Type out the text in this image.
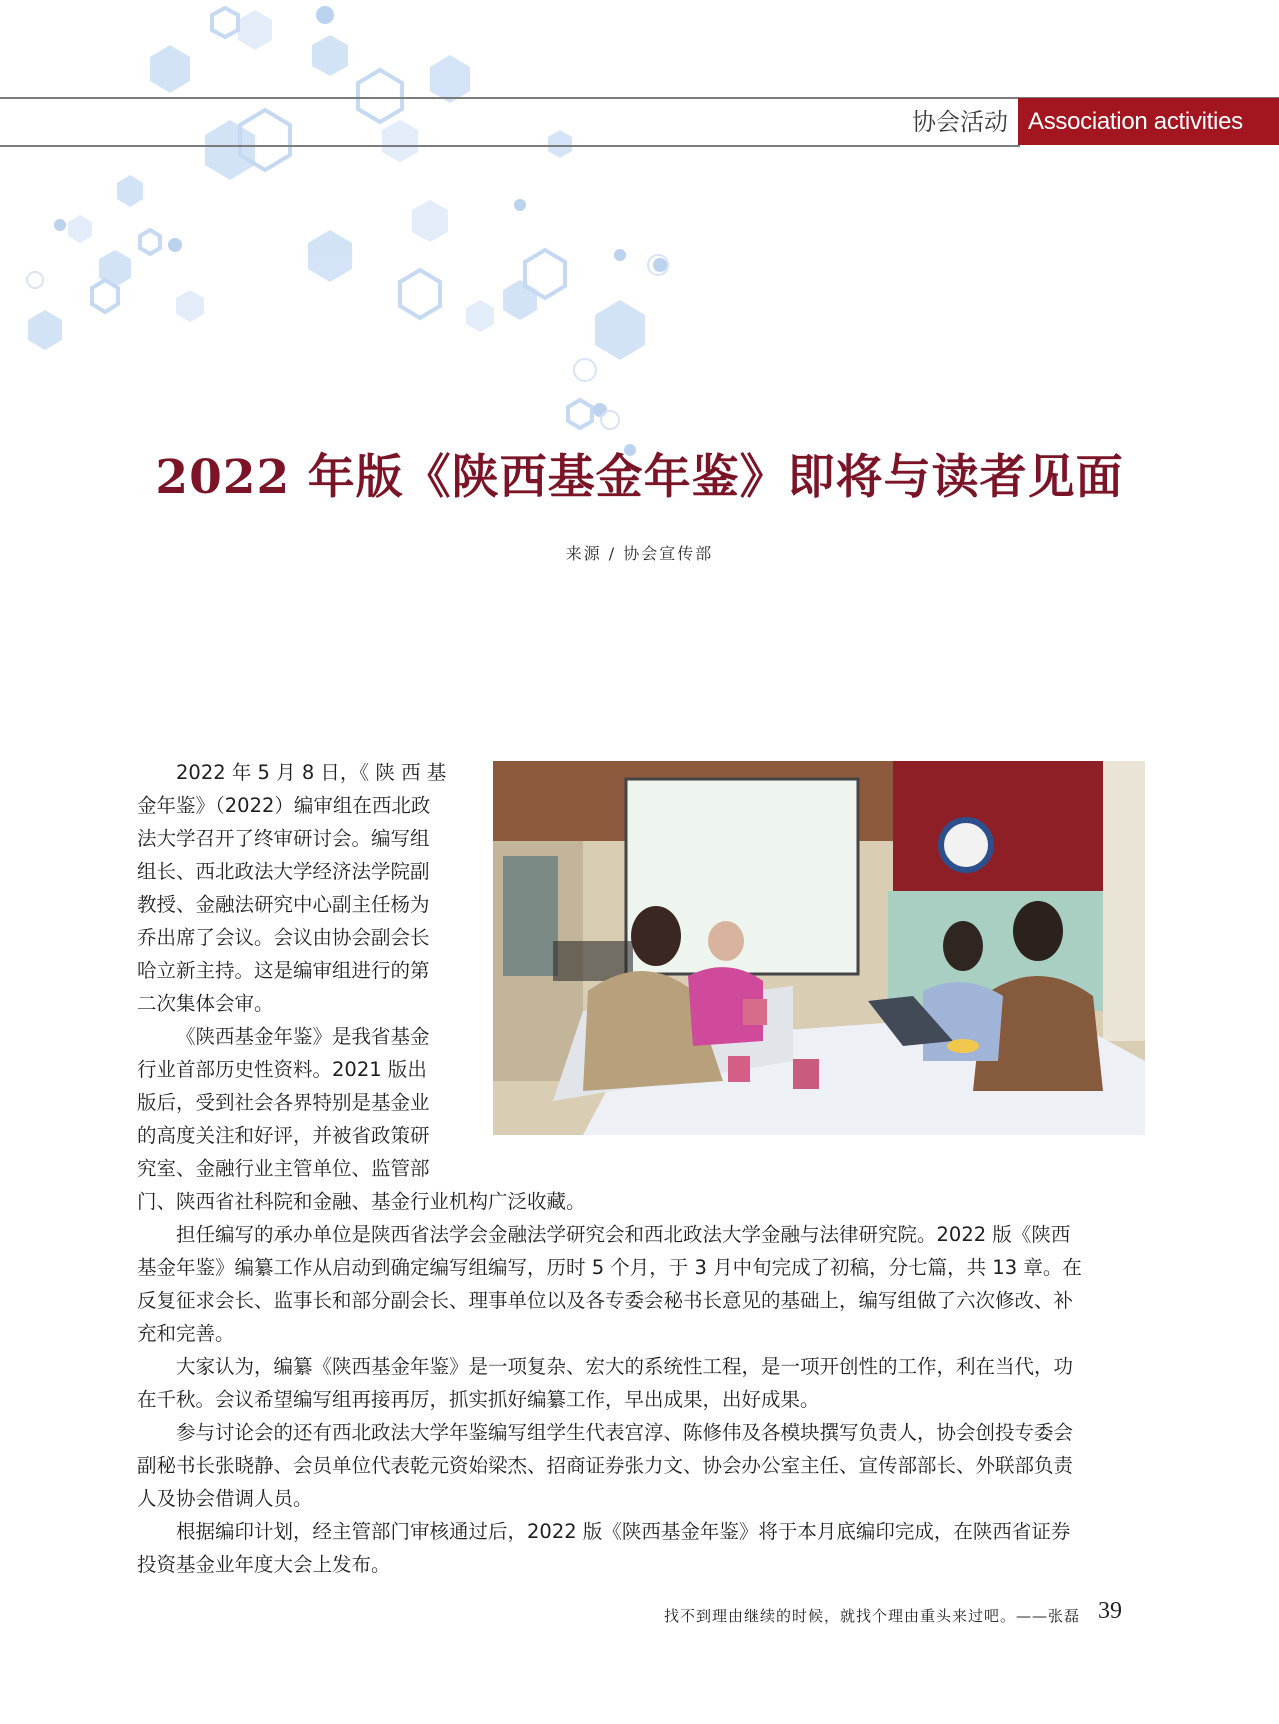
协会活动 Association activities
2022 年版《陕西基金年鉴》即将与读者见面
来源 / 协会宣传部

2022 年 5 月 8 日，《 陕 西 基
金年鉴》（2022）编审组在西北政
法大学召开了终审研讨会。编写组
组长、西北政法大学经济法学院副
教授、金融法研究中心副主任杨为
乔出席了会议。会议由协会副会长
哈立新主持。这是编审组进行的第
二次集体会审。

《陕西基金年鉴》是我省基金
行业首部历史性资料。2021 版出
版后，受到社会各界特别是基金业
的高度关注和好评，并被省政策研
究室、金融行业主管单位、监管部

门、陕西省社科院和金融、基金行业机构广泛收藏。

担任编写的承办单位是陕西省法学会金融法学研究会和西北政法大学金融与法律研究院。2022 版《陕西
基金年鉴》编纂工作从启动到确定编写组编写，历时 5 个月，于 3 月中旬完成了初稿，分七篇，共 13 章。在
反复征求会长、监事长和部分副会长、理事单位以及各专委会秘书长意见的基础上，编写组做了六次修改、补
充和完善。

大家认为，编纂《陕西基金年鉴》是一项复杂、宏大的系统性工程，是一项开创性的工作，利在当代，功
在千秋。会议希望编写组再接再厉，抓实抓好编纂工作，早出成果，出好成果。

参与讨论会的还有西北政法大学年鉴编写组学生代表宫淳、陈修伟及各模块撰写负责人，协会创投专委会
副秘书长张晓静、会员单位代表乾元资始梁杰、招商证券张力文、协会办公室主任、宣传部部长、外联部负责
人及协会借调人员。

根据编印计划，经主管部门审核通过后，2022 版《陕西基金年鉴》将于本月底编印完成，在陕西省证券
投资基金业年度大会上发布。

找不到理由继续的时候，就找个理由重头来过吧。——张磊 39
